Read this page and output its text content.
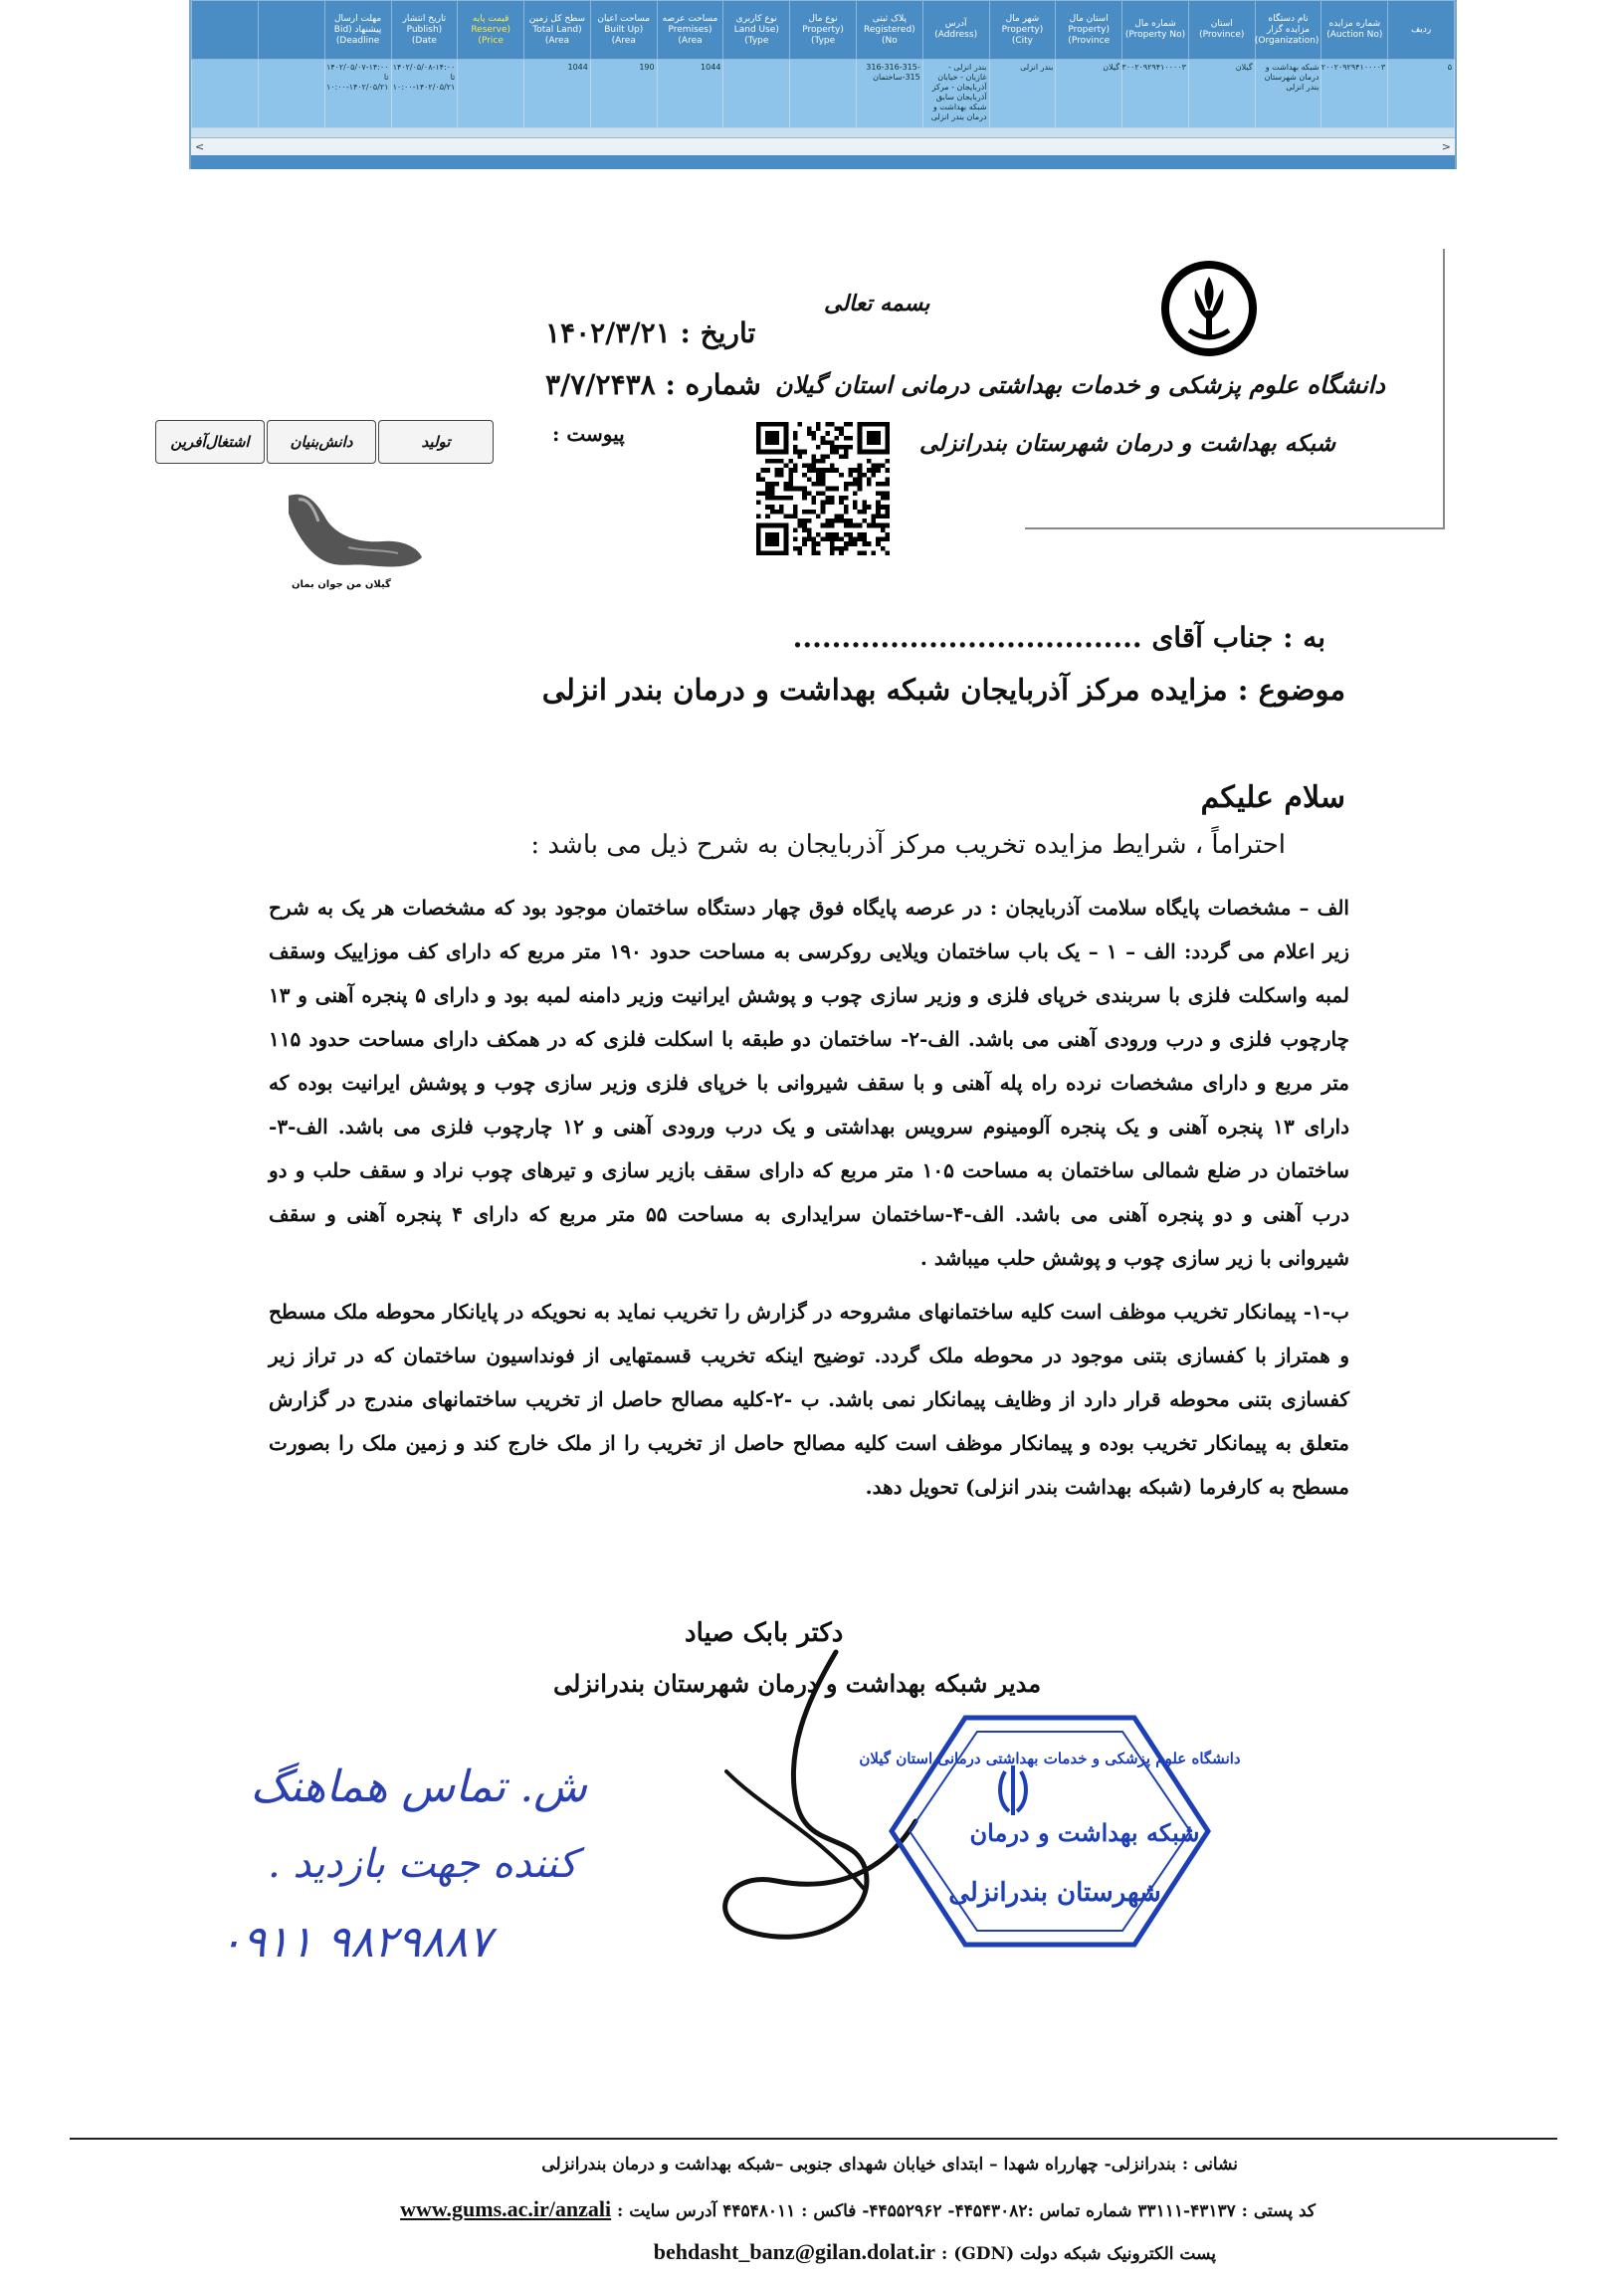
ردیف	شماره مزایده (Auction No)	نام دستگاه مزایده گزار (Organization)	استان (Province)	شماره مال (Property No)	استان مال (Property Province)	شهر مال (Property City)	آدرس (Address)	پلاک ثبتی (Registered No)	نوع مال (Property Type)	نوع کاربری (Land Use Type)	مساحت عرصه (Premises Area)	مساحت اعیان (Built Up Area)	سطح کل زمین (Total Land Area)	قیمت پایه (Reserve Price)	تاریخ انتشار (Publish Date)	مهلت ارسال پیشنهاد (Bid Deadline)		
۵	۲۰۰۲۰۹۲۹۴۱۰۰۰۰۳	شبکه بهداشت و درمان شهرستان بندر انزلی	گیلان	۳۰۰۲۰۹۲۹۴۱۰۰۰۰۳	گیلان	بندر انزلی	بندر انزلی - غازیان - خیابان آذربایجان - مرکز آذربایجان سابق شبکه بهداشت و درمان بندر انزلی	316-316-315-315-ساختمان			1044	190	1044		۱۴۰۲/۰۵/۰۸-۱۴:۰۰ تا ۱۴۰۲/۰۵/۲۱-۱۰:۰۰	۱۴۰۲/۰۵/۰۷-۱۴:۰۰ تا ۱۴۰۲/۰۵/۲۱-۱۰:۰۰		
<	>
دانشگاه علوم پزشکی و خدمات بهداشتی درمانی استان گیلان
شبکه بهداشت و درمان شهرستان بندرانزلی
بسمه تعالی
تاریخ : ۱۴۰۲/۳/۲۱
شماره : ۳/۷/۲۴۳۸
پیوست :
تولید
دانش‌بنیان
اشتغال‌آفرین
گیلان من جوان بمان
به : جناب آقای ....................................
موضوع : مزایده مرکز آذربایجان شبکه بهداشت و درمان بندر انزلی
سلام علیکم
احتراماً ، شرایط مزایده تخریب مرکز آذربایجان به شرح ذیل می باشد :
الف – مشخصات پایگاه سلامت آذربایجان : در عرصه پایگاه فوق چهار دستگاه ساختمان موجود بود که مشخصات هر یک به شرح زیر اعلام می گردد: الف – ۱ – یک باب ساختمان ویلایی روکرسی به مساحت حدود ۱۹۰ متر مربع که دارای کف موزاییک وسقف لمبه واسکلت فلزی با سربندی خرپای فلزی و وزیر سازی چوب و پوشش ایرانیت وزیر دامنه لمبه بود و دارای ۵ پنجره آهنی و ۱۳ چارچوب فلزی و درب ورودی آهنی می باشد. الف-۲- ساختمان دو طبقه با اسکلت فلزی که در همکف دارای مساحت حدود ۱۱۵ متر مربع و دارای مشخصات نرده راه پله آهنی و با سقف شیروانی با خرپای فلزی وزیر سازی چوب و پوشش ایرانیت بوده که دارای ۱۳ پنجره آهنی و یک پنجره آلومینوم سرویس بهداشتی و یک درب ورودی آهنی و ۱۲ چارچوب فلزی می باشد. الف-۳- ساختمان در ضلع شمالی ساختمان به مساحت ۱۰۵ متر مربع که دارای سقف بازیر سازی و تیرهای چوب نراد و سقف حلب و دو درب آهنی و دو پنجره آهنی می باشد. الف-۴-ساختمان سرایداری به مساحت ۵۵ متر مربع که دارای ۴ پنجره آهنی و سقف شیروانی با زیر سازی چوب و پوشش حلب میباشد .
ب-۱- پیمانکار تخریب موظف است کلیه ساختمانهای مشروحه در گزارش را تخریب نماید به نحویکه در پایانکار محوطه ملک مسطح و همتراز با کفسازی بتنی موجود در محوطه ملک گردد. توضیح اینکه تخریب قسمتهایی از فونداسیون ساختمان که در تراز زیر کفسازی بتنی محوطه قرار دارد از وظایف پیمانکار نمی باشد. ب -۲-کلیه مصالح حاصل از تخریب ساختمانهای مندرج در گزارش متعلق به پیمانکار تخریب بوده و پیمانکار موظف است کلیه مصالح حاصل از تخریب را از ملک خارج کند و زمین ملک را بصورت مسطح به کارفرما (شبکه بهداشت بندر انزلی) تحویل دهد.
دکتر بابک صیاد
مدیر شبکه بهداشت و درمان شهرستان بندرانزلی
دانشگاه علوم پزشکی و خدمات بهداشتی درمانی استان گیلان
شبکه بهداشت و درمان
شهرستان بندرانزلی
ش. تماس هماهنگ
کننده جهت بازدید .
۰۹۱۱ ۹۸۲۹۸۸۷
نشانی : بندرانزلی- چهارراه شهدا – ابتدای خیابان شهدای جنوبی –شبکه بهداشت و درمان بندرانزلی
کد پستی : ۴۳۱۳۷-۳۳۱۱۱ شماره تماس :۴۴۵۴۳۰۸۲- ۴۴۵۵۲۹۶۲- فاکس : ۴۴۵۴۸۰۱۱ آدرس سایت : www.gums.ac.ir/anzali
پست الکترونیک شبکه دولت (GDN) : behdasht_banz@gilan.dolat.ir
